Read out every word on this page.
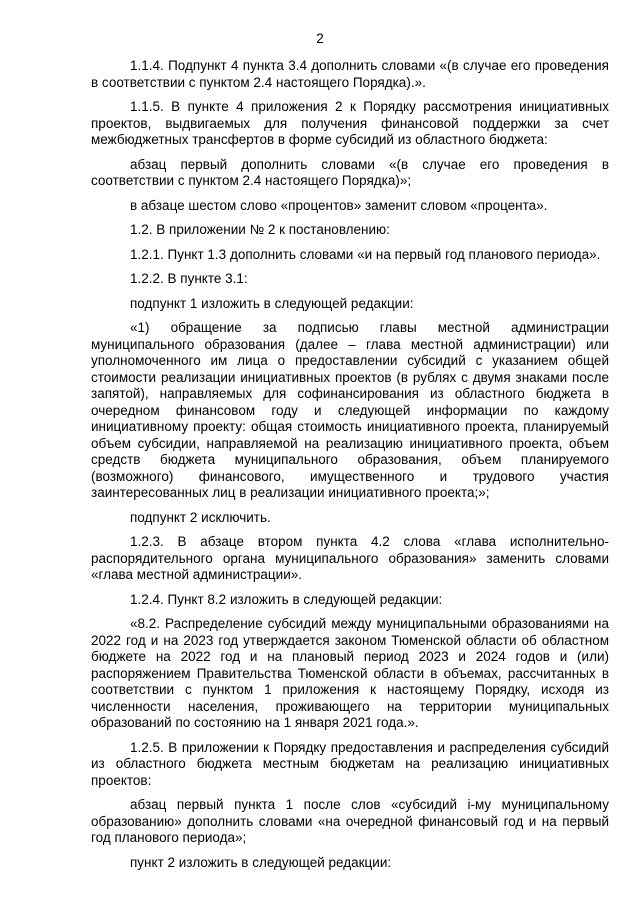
2

1.1.4. Подпункт 4 пункта 3.4 дополнить словами «(в случае его проведения в соответствии с пунктом 2.4 настоящего Порядка).».

1.1.5. В пункте 4 приложения 2 к Порядку рассмотрения инициативных проектов, выдвигаемых для получения финансовой поддержки за счет межбюджетных трансфертов в форме субсидий из областного бюджета:

абзац первый дополнить словами «(в случае его проведения в соответствии с пунктом 2.4 настоящего Порядка)»;

в абзаце шестом слово «процентов» заменит словом «процента».

1.2. В приложении № 2 к постановлению:

1.2.1. Пункт 1.3 дополнить словами «и на первый год планового периода».

1.2.2. В пункте 3.1:

подпункт 1 изложить в следующей редакции:

«1) обращение за подписью главы местной администрации муниципального образования (далее – глава местной администрации) или уполномоченного им лица о предоставлении субсидий с указанием общей стоимости реализации инициативных проектов (в рублях с двумя знаками после запятой), направляемых для софинансирования из областного бюджета в очередном финансовом году и следующей информации по каждому инициативному проекту: общая стоимость инициативного проекта, планируемый объем субсидии, направляемой на реализацию инициативного проекта, объем средств бюджета муниципального образования, объем планируемого (возможного) финансового, имущественного и трудового участия заинтересованных лиц в реализации инициативного проекта;»;

подпункт 2 исключить.

1.2.3. В абзаце втором пункта 4.2 слова «глава исполнительно-распорядительного органа муниципального образования» заменить словами «глава местной администрации».

1.2.4. Пункт 8.2 изложить в следующей редакции:

«8.2. Распределение субсидий между муниципальными образованиями на 2022 год и на 2023 год утверждается законом Тюменской области об областном бюджете на 2022 год и на плановый период 2023 и 2024 годов и (или) распоряжением Правительства Тюменской области в объемах, рассчитанных в соответствии с пунктом 1 приложения к настоящему Порядку, исходя из численности населения, проживающего на территории муниципальных образований по состоянию на 1 января 2021 года.».

1.2.5. В приложении к Порядку предоставления и распределения субсидий из областного бюджета местным бюджетам на реализацию инициативных проектов:

абзац первый пункта 1 после слов «субсидий i-му муниципальному образованию» дополнить словами «на очередной финансовый год и на первый год планового периода»;

пункт 2 изложить в следующей редакции:
